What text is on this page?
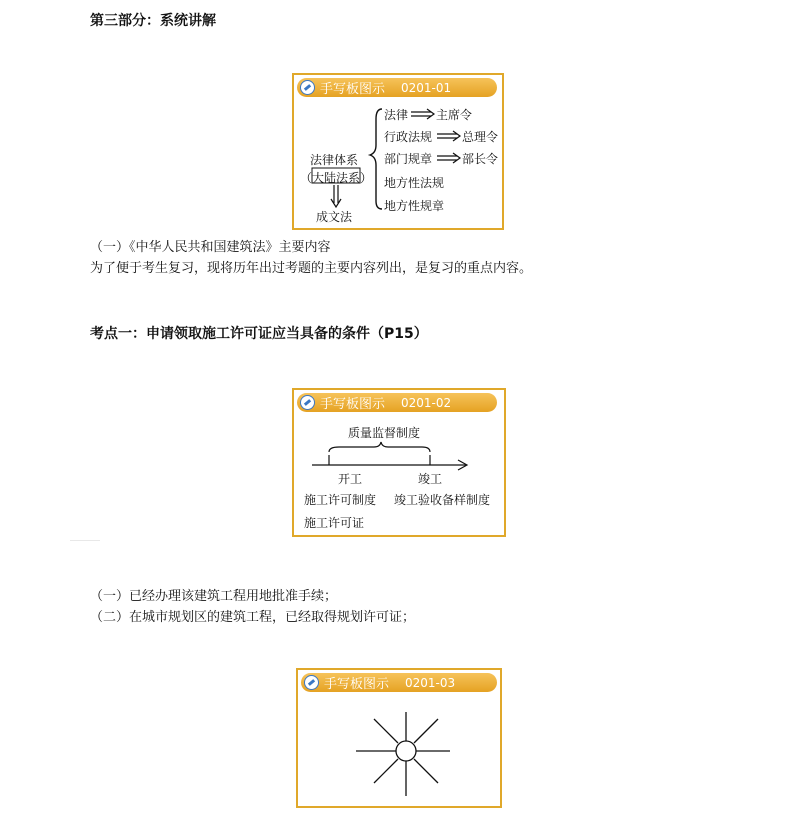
第三部分：系统讲解
手写板图示 0201-01
法律体系
（大陆法系）
成文法
法律 主席令
行政法规 总理令
部门规章 部长令
地方性法规
地方性规章
（一）《中华人民共和国建筑法》主要内容
为了便于考生复习，现将历年出过考题的主要内容列出，是复习的重点内容。
考点一：申请领取施工许可证应当具备的条件（P15）
手写板图示 0201-02
质量监督制度
开工	竣工
施工许可制度 竣工验收备样制度
施工许可证
（一）已经办理该建筑工程用地批准手续；
（二）在城市规划区的建筑工程，已经取得规划许可证；
手写板图示 0201-03
